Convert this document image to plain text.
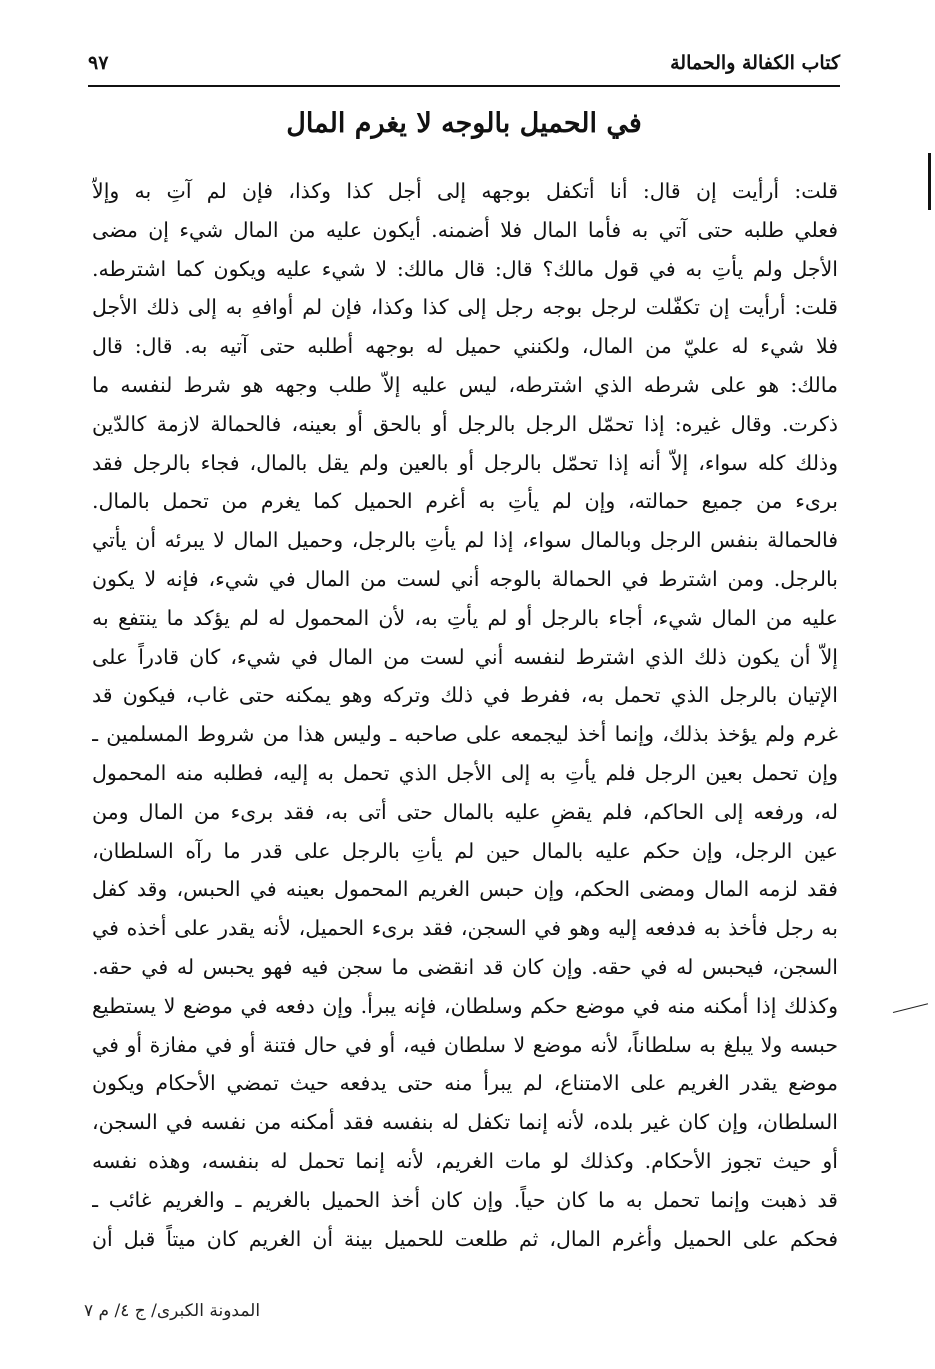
كتاب الكفالة والحمالة
٩٧
في الحميل بالوجه لا يغرم المال
قلت: أرأيت إن قال: أنا أتكفل بوجهه إلى أجل كذا وكذا، فإن لم آتِ به وإلاّ
فعلي طلبه حتى آتي به فأما المال فلا أضمنه. أيكون عليه من المال شيء إن مضى
الأجل ولم يأتِ به في قول مالك؟ قال: قال مالك: لا شيء عليه ويكون كما اشترطه.
قلت: أرأيت إن تكفّلت لرجل بوجه رجل إلى كذا وكذا، فإن لم أوافهِ به إلى ذلك الأجل
فلا شيء له عليّ من المال، ولكنني حميل له بوجهه أطلبه حتى آتيه به. قال: قال
مالك: هو على شرطه الذي اشترطه، ليس عليه إلاّ طلب وجهه هو شرط لنفسه ما
ذكرت. وقال غيره: إذا تحمّل الرجل بالرجل أو بالحق أو بعينه، فالحمالة لازمة كالدّين
وذلك كله سواء، إلاّ أنه إذا تحمّل بالرجل أو بالعين ولم يقل بالمال، فجاء بالرجل فقد
برىء من جميع حمالته، وإن لم يأتِ به أغرم الحميل كما يغرم من تحمل بالمال.
فالحمالة بنفس الرجل وبالمال سواء، إذا لم يأتِ بالرجل، وحميل المال لا يبرئه أن يأتي
بالرجل. ومن اشترط في الحمالة بالوجه أني لست من المال في شيء، فإنه لا يكون
عليه من المال شيء، أجاء بالرجل أو لم يأتِ به، لأن المحمول له لم يؤكد ما ينتفع به
إلاّ أن يكون ذلك الذي اشترط لنفسه أني لست من المال في شيء، كان قادراً على
الإتيان بالرجل الذي تحمل به، ففرط في ذلك وتركه وهو يمكنه حتى غاب، فيكون قد
غرم ولم يؤخذ بذلك، وإنما أخذ ليجمعه على صاحبه ـ وليس هذا من شروط المسلمين ـ
وإن تحمل بعين الرجل فلم يأتِ به إلى الأجل الذي تحمل به إليه، فطلبه منه المحمول
له، ورفعه إلى الحاكم، فلم يقضِ عليه بالمال حتى أتى به، فقد برىء من المال ومن
عين الرجل، وإن حكم عليه بالمال حين لم يأتِ بالرجل على قدر ما رآه السلطان،
فقد لزمه المال ومضى الحكم، وإن حبس الغريم المحمول بعينه في الحبس، وقد كفل
به رجل فأخذ به فدفعه إليه وهو في السجن، فقد برىء الحميل، لأنه يقدر على أخذه في
السجن، فيحبس له في حقه. وإن كان قد انقضى ما سجن فيه فهو يحبس له في حقه.
وكذلك إذا أمكنه منه في موضع حكم وسلطان، فإنه يبرأ. وإن دفعه في موضع لا يستطيع
حبسه ولا يبلغ به سلطاناً، لأنه موضع لا سلطان فيه، أو في حال فتنة أو في مفازة أو في
موضع يقدر الغريم على الامتناع، لم يبرأ منه حتى يدفعه حيث تمضي الأحكام ويكون
السلطان، وإن كان غير بلده، لأنه إنما تكفل له بنفسه فقد أمكنه من نفسه في السجن،
أو حيث تجوز الأحكام. وكذلك لو مات الغريم، لأنه إنما تحمل له بنفسه، وهذه نفسه
قد ذهبت وإنما تحمل به ما كان حياً. وإن كان أخذ الحميل بالغريم ـ والغريم غائب ـ
فحكم على الحميل وأغرم المال، ثم طلعت للحميل بينة أن الغريم كان ميتاً قبل أن
المدونة الكبرى/ ج ٤/ م ٧
